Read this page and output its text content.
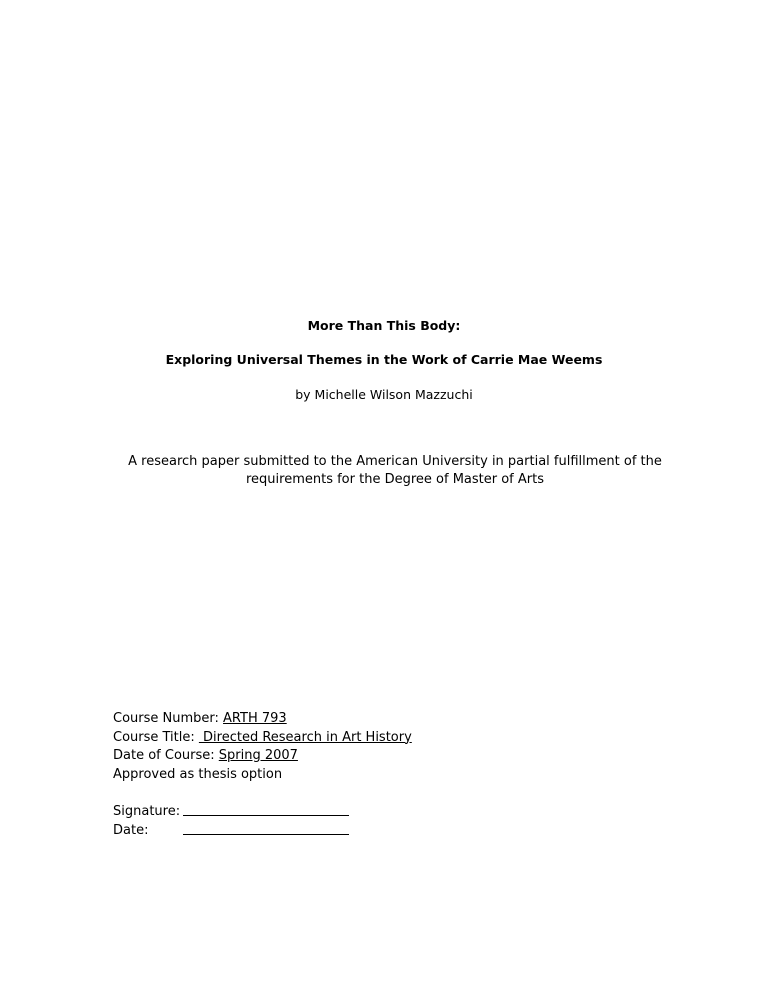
More Than This Body:
Exploring Universal Themes in the Work of Carrie Mae Weems
by Michelle Wilson Mazzuchi
A research paper submitted to the American University in partial fulfillment of the
requirements for the Degree of Master of Arts
Course Number: ARTH 793
Course Title:  Directed Research in Art History
Date of Course: Spring 2007
Approved as thesis option
Signature:
Date:
